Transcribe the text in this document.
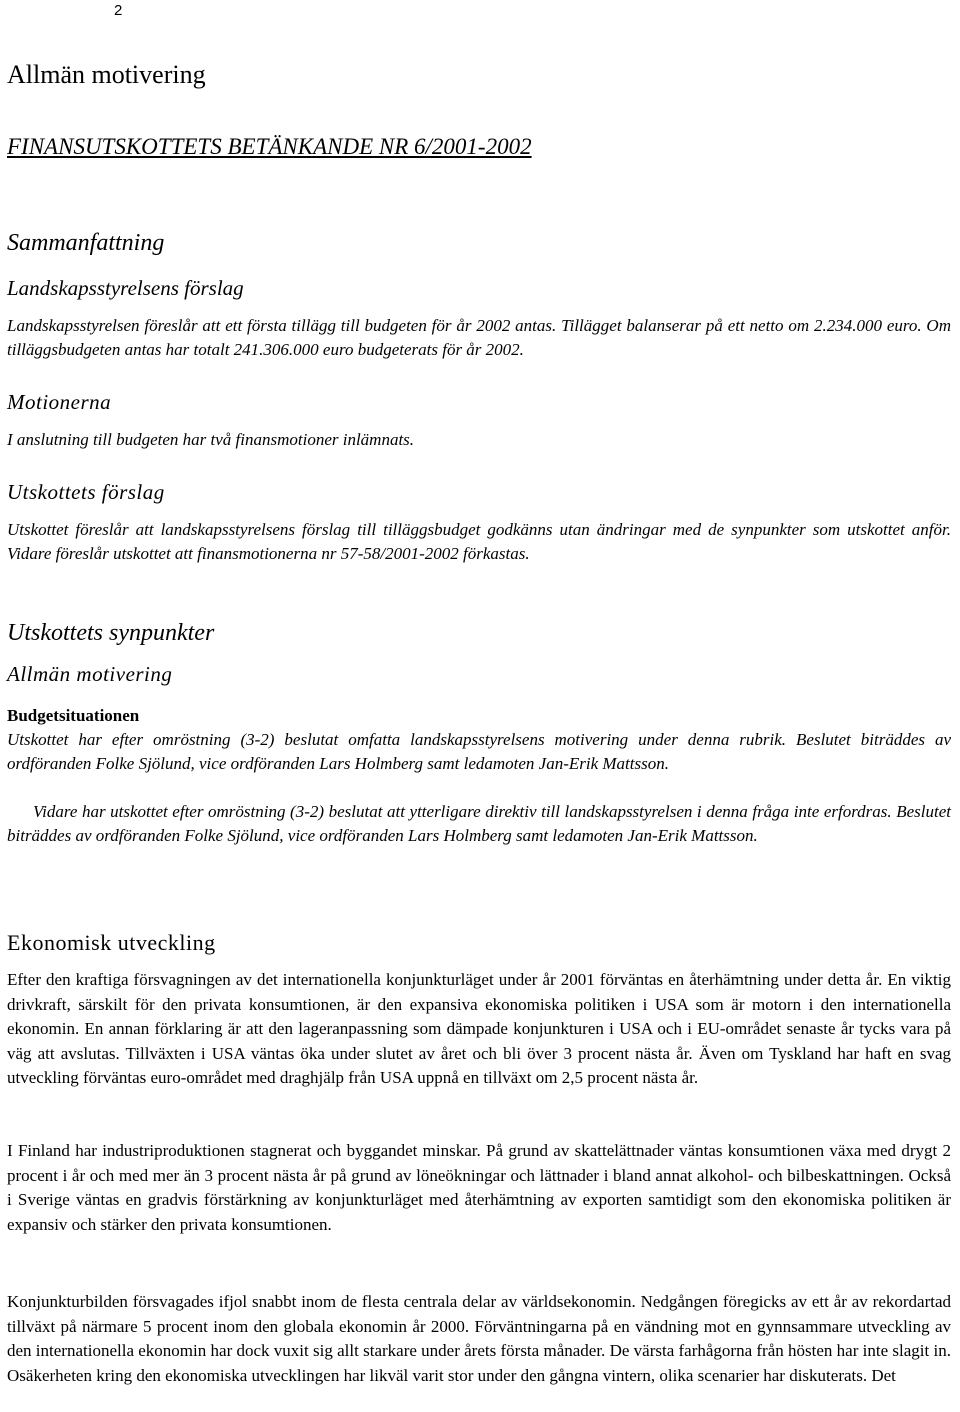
2
Allmän motivering
FINANSUTSKOTTETS BETÄNKANDE NR 6/2001-2002
Sammanfattning
Landskapsstyrelsens förslag

Landskapsstyrelsen föreslår att ett första tillägg till budgeten för år 2002 antas. Tillägget balanserar på ett netto om 2.234.000 euro. Om tilläggsbudgeten antas har totalt 241.306.000 euro budgeterats för år 2002.

Motionerna

I anslutning till budgeten har två finansmotioner inlämnats.

Utskottets förslag

Utskottet föreslår att landskapsstyrelsens förslag till tilläggsbudget godkänns utan ändringar med de synpunkter som utskottet anför. Vidare föreslår utskottet att finansmotionerna nr 57-58/2001-2002 förkastas.

Utskottets synpunkter
Allmän motivering
Budgetsituationen

Utskottet har efter omröstning (3-2) beslutat omfatta landskapsstyrelsens motivering under denna rubrik. Beslutet biträddes av ordföranden Folke Sjölund, vice ordföranden Lars Holmberg samt ledamoten Jan-Erik Mattsson.

Vidare har utskottet efter omröstning (3-2) beslutat att ytterligare direktiv till landskapsstyrelsen i denna fråga inte erfordras. Beslutet biträddes av ordföranden Folke Sjölund, vice ordföranden Lars Holmberg samt ledamoten Jan-Erik Mattsson.

Ekonomisk utveckling

Efter den kraftiga försvagningen av det internationella konjunkturläget under år 2001 förväntas en återhämtning under detta år. En viktig drivkraft, särskilt för den privata konsumtionen, är den expansiva ekonomiska politiken i USA som är motorn i den internationella ekonomin. En annan förklaring är att den lageranpassning som dämpade konjunkturen i USA och i EU-området senaste år tycks vara på väg att avslutas. Tillväxten i USA väntas öka under slutet av året och bli över 3 procent nästa år. Även om Tyskland har haft en svag utveckling förväntas euro-området med draghjälp från USA uppnå en tillväxt om 2,5 procent nästa år.

I Finland har industriproduktionen stagnerat och byggandet minskar. På grund av skattelättnader väntas konsumtionen växa med drygt 2 procent i år och med mer än 3 procent nästa år på grund av löneökningar och lättnader i bland annat alkohol- och bilbeskattningen. Också i Sverige väntas en gradvis förstärkning av konjunkturläget med återhämtning av exporten samtidigt som den ekonomiska politiken är expansiv och stärker den privata konsumtionen.

Konjunkturbilden försvagades ifjol snabbt inom de flesta centrala delar av världsekonomin. Nedgången föregicks av ett år av rekordartad tillväxt på närmare 5 procent inom den globala ekonomin år 2000. Förväntningarna på en vändning mot en gynnsammare utveckling av den internationella ekonomin har dock vuxit sig allt starkare under årets första månader. De värsta farhågorna från hösten har inte slagit in. Osäkerheten kring den ekonomiska utvecklingen har likväl varit stor under den gångna vintern, olika scenarier har diskuterats. Det
